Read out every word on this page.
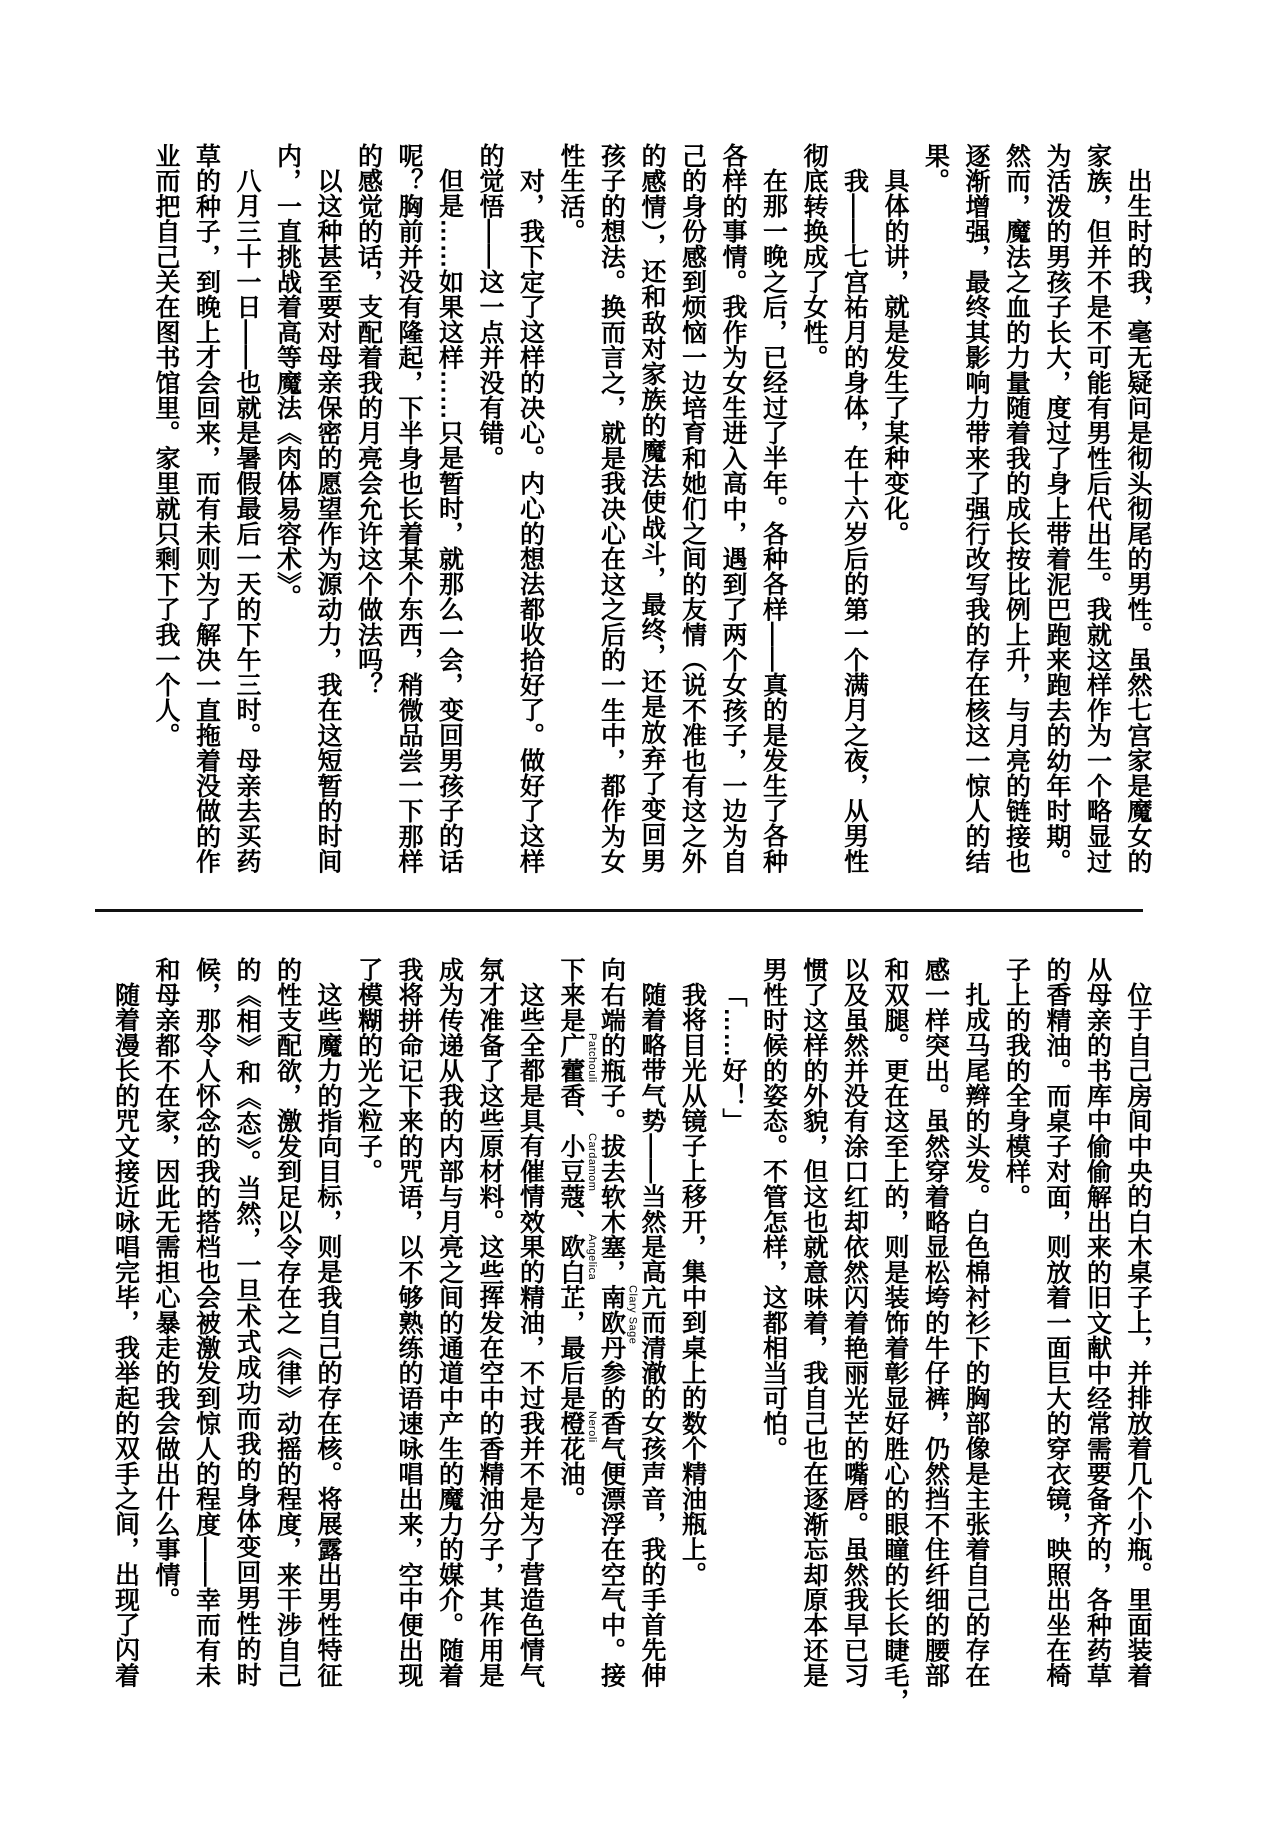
出生时的我，毫无疑问是彻头彻尾的男性。虽然七宫家是魔女的
家族，但并不是不可能有男性后代出生。我就这样作为一个略显过
为活泼的男孩子长大，度过了身上带着泥巴跑来跑去的幼年时期。
然而，魔法之血的力量随着我的成长按比例上升，与月亮的链接也
逐渐增强，最终其影响力带来了强行改写我的存在核这一惊人的结
果。
具体的讲，就是发生了某种变化。
我——七宫祐月的身体，在十六岁后的第一个满月之夜，从男性
彻底转换成了女性。
在那一晚之后，已经过了半年。各种各样——真的是发生了各种
各样的事情。我作为女生进入高中，遇到了两个女孩子，一边为自
己的身份感到烦恼一边培育和她们之间的友情（说不准也有这之外
的感情），还和敌对家族的魔法使战斗，最终，还是放弃了变回男
孩子的想法。换而言之，就是我决心在这之后的一生中，都作为女
性生活。
对，我下定了这样的决心。内心的想法都收拾好了。做好了这样
的觉悟——这一点并没有错。
但是……如果这样……只是暂时，就那么一会，变回男孩子的话
呢？胸前并没有隆起，下半身也长着某个东西，稍微品尝一下那样
的感觉的话，支配着我的月亮会允许这个做法吗？
以这种甚至要对母亲保密的愿望作为源动力，我在这短暂的时间
内，一直挑战着高等魔法《肉体易容术》。
八月三十一日——也就是暑假最后一天的下午三时。母亲去买药
草的种子，到晚上才会回来，而有未则为了解决一直拖着没做的作
业而把自己关在图书馆里。家里就只剩下了我一个人。
位于自己房间中央的白木桌子上，并排放着几个小瓶。里面装着
从母亲的书库中偷偷解出来的旧文献中经常需要备齐的，各种药草
的香精油。而桌子对面，则放着一面巨大的穿衣镜，映照出坐在椅
子上的我的全身模样。
扎成马尾辫的头发。白色棉衬衫下的胸部像是主张着自己的存在
感一样突出。虽然穿着略显松垮的牛仔裤，仍然挡不住纤细的腰部
和双腿。更在这至上的，则是装饰着彰显好胜心的眼瞳的长长睫毛，
以及虽然并没有涂口红却依然闪着艳丽光芒的嘴唇。虽然我早已习
惯了这样的外貌，但这也就意味着，我自己也在逐渐忘却原本还是
男性时候的姿态。不管怎样，这都相当可怕。
「……好！」
我将目光从镜子上移开，集中到桌上的数个精油瓶上。
随着略带气势——当然是高亢而清澈的女孩声音，我的手首先伸
向右端的瓶子。拔去软木塞，南欧丹参的香气便漂浮在空气中。接 Clary Sage
下来是广藿香、小豆蔻、欧白芷，最后是橙花油。 Patchouli
Cardamom
Angelica
Neroli
这些全都是具有催情效果的精油，不过我并不是为了营造色情气
氛才准备了这些原材料。这些挥发在空中的香精油分子，其作用是
成为传递从我的内部与月亮之间的通道中产生的魔力的媒介。随着
我将拼命记下来的咒语，以不够熟练的语速咏唱出来，空中便出现
了模糊的光之粒子。
这些魔力的指向目标，则是我自己的存在核。将展露出男性特征
的性支配欲，激发到足以令存在之《律》动摇的程度，来干涉自己
的《相》和《态》。当然，一旦术式成功而我的身体变回男性的时
候，那令人怀念的我的搭档也会被激发到惊人的程度——幸而有未
和母亲都不在家，因此无需担心暴走的我会做出什么事情。
随着漫长的咒文接近咏唱完毕，我举起的双手之间，出现了闪着
